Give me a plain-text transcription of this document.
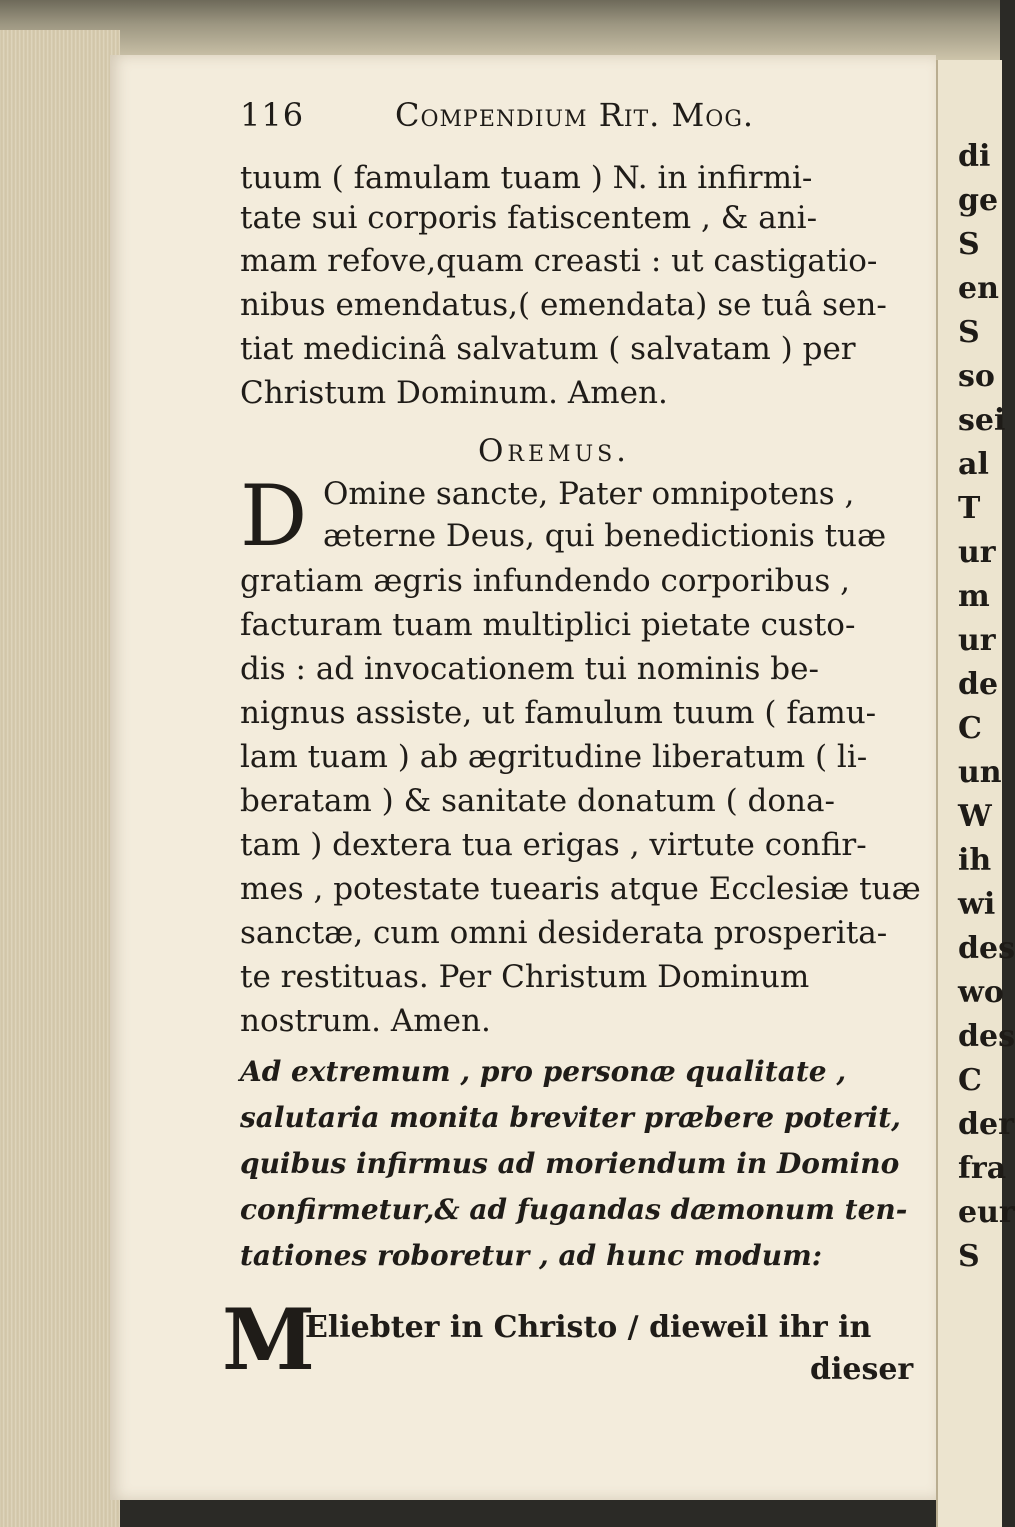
di
ge
S
en
S
so
sei
al
T
ur
m
ur
de
C
un
W
ih
wi
des
wo
des
C
der
fra
eur
S
116	Compendium Rit. Mog.
tuum ( famulam tuam ) N. in infirmi-
tate sui corporis fatiscentem , & ani-
mam refove,quam creasti : ut castigatio-
nibus emendatus,( emendata) se tuâ sen-
tiat medicinâ salvatum ( salvatam ) per
Christum Dominum. Amen.
Oremus.
D Omine sancte, Pater omnipotens ,
æterne Deus, qui benedictionis tuæ
gratiam ægris infundendo corporibus ,
facturam tuam multiplici pietate custo-
dis : ad invocationem tui nominis be-
nignus assiste, ut famulum tuum ( famu-
lam tuam ) ab ægritudine liberatum ( li-
beratam ) & sanitate donatum ( dona-
tam ) dextera tua erigas , virtute confir-
mes , potestate tuearis atque Ecclesiæ tuæ
sanctæ, cum omni desiderata prosperita-
te restituas. Per Christum Dominum
nostrum. Amen.
Ad extremum , pro personæ qualitate ,
salutaria monita breviter præbere poterit,
quibus infirmus ad moriendum in Domino
confirmetur,& ad fugandas dæmonum ten-
tationes roboretur , ad hunc modum:
M
Eliebter in Christo / dieweil ihr in
dieser
